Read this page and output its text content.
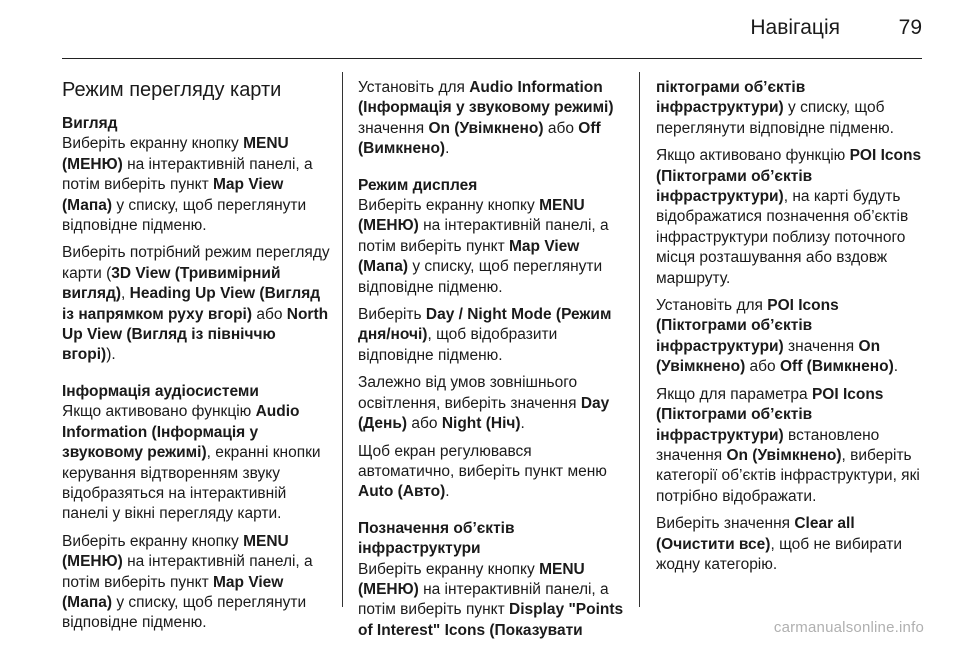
Навігація	79
Режим перегляду карти
Вигляд

Виберіть екранну кнопку MENU (МЕНЮ) на інтерактивній панелі, а потім виберіть пункт Map View (Мапа) у списку, щоб переглянути відповідне підменю.

Виберіть потрібний режим перегляду карти (3D View (Тривимірний вигляд), Heading Up View (Вигляд із напрямком руху вгорі) або North Up View (Вигляд із північчю вгорі)).

Інформація аудіосистеми

Якщо активовано функцію Audio Information (Інформація у звуковому режимі), екранні кнопки керування відтворенням звуку відобразяться на інтерактивній панелі у вікні перегляду карти.

Виберіть екранну кнопку MENU (МЕНЮ) на інтерактивній панелі, а потім виберіть пункт Map View (Мапа) у списку, щоб переглянути відповідне підменю.

Установіть для Audio Information (Інформація у звуковому режимі) значення On (Увімкнено) або Off (Вимкнено).

Режим дисплея

Виберіть екранну кнопку MENU (МЕНЮ) на інтерактивній панелі, а потім виберіть пункт Map View (Мапа) у списку, щоб переглянути відповідне підменю.

Виберіть Day / Night Mode (Режим дня/ночі), щоб відобразити відповідне підменю.

Залежно від умов зовнішнього освітлення, виберіть значення Day (День) або Night (Ніч).

Щоб екран регулювався автоматично, виберіть пункт меню Auto (Авто).

Позначення об’єктів інфраструктури

Виберіть екранну кнопку MENU (МЕНЮ) на інтерактивній панелі, а потім виберіть пункт Display "Points of Interest" Icons (Показувати

піктограми об’єктів інфраструктури) у списку, щоб переглянути відповідне підменю.

Якщо активовано функцію POI Icons (Піктограми об’єктів інфраструктури), на карті будуть відображатися позначення об’єктів інфраструктури поблизу поточного місця розташування або вздовж маршруту.

Установіть для POI Icons (Піктограми об’єктів інфраструктури) значення On (Увімкнено) або Off (Вимкнено).

Якщо для параметра POI Icons (Піктограми об’єктів інфраструктури) встановлено значення On (Увімкнено), виберіть категорії об’єктів інфраструктури, які потрібно відображати.

Виберіть значення Clear all (Очистити все), щоб не вибирати жодну категорію.

carmanualsonline.info
